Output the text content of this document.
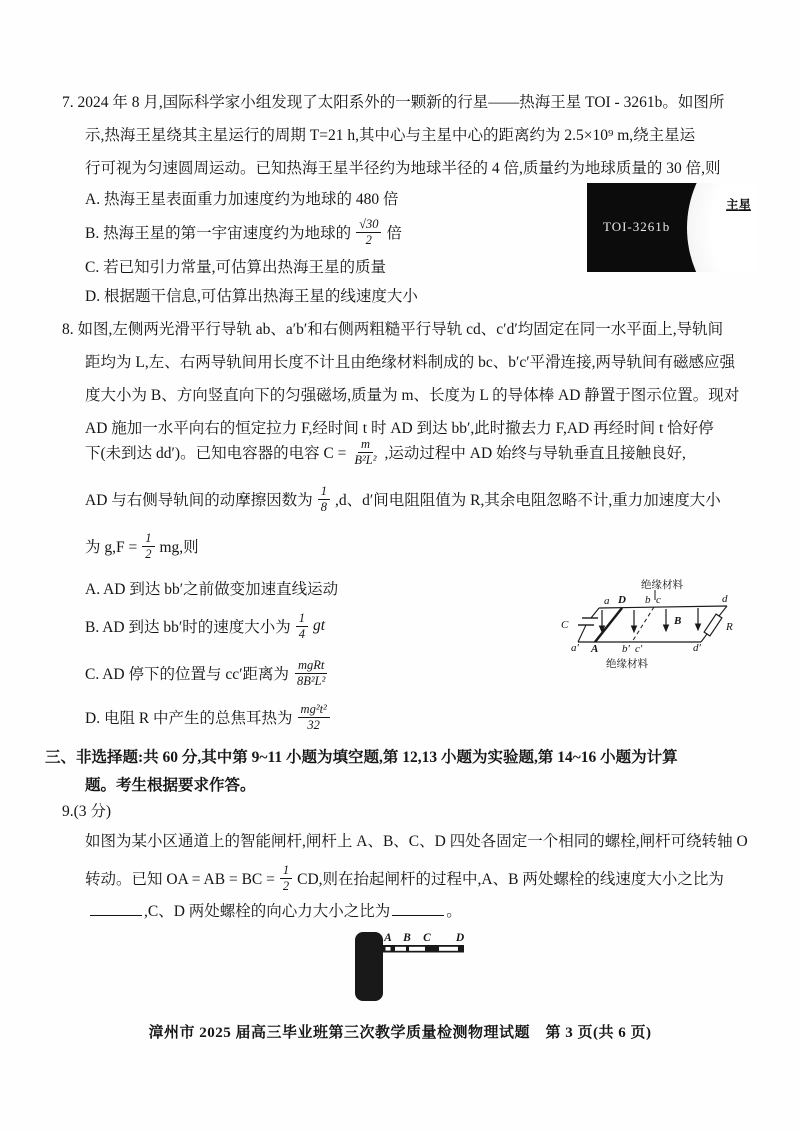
7. 2024 年 8 月,国际科学家小组发现了太阳系外的一颗新的行星——热海王星 TOI - 3261b。如图所
示,热海王星绕其主星运行的周期 T=21 h,其中心与主星中心的距离约为 2.5×10⁹ m,绕主星运
行可视为匀速圆周运动。已知热海王星半径约为地球半径的 4 倍,质量约为地球质量的 30 倍,则
A. 热海王星表面重力加速度约为地球的 480 倍
B. 热海王星的第一宇宙速度约为地球的 $\frac{√30}{2}$ 倍
C. 若已知引力常量,可估算出热海王星的质量
D. 根据题干信息,可估算出热海王星的线速度大小
TOI-3261b
主星
8. 如图,左侧两光滑平行导轨 ab、a′b′和右侧两粗糙平行导轨 cd、c′d′均固定在同一水平面上,导轨间
距均为 L,左、右两导轨间用长度不计且由绝缘材料制成的 bc、b′c′平滑连接,两导轨间有磁感应强
度大小为 B、方向竖直向下的匀强磁场,质量为 m、长度为 L 的导体棒 AD 静置于图示位置。现对
AD 施加一水平向右的恒定拉力 F,经时间 t 时 AD 到达 bb′,此时撤去力 F,AD 再经时间 t 恰好停
下(未到达 dd′)。已知电容器的电容 $C = \frac{m}{\text{B²L²}}$ ,运动过程中 AD 始终与导轨垂直且接触良好,
AD 与右侧导轨间的动摩擦因数为 $\frac{1}{8} ,d$、d′间电阻阻值为 R,其余电阻忽略不计,重力加速度大小
为 $g,F = \frac{1}{2}$ mg,则
A. AD 到达 bb′之前做变加速直线运动
B. AD 到达 bb′时的速度大小为 $\frac{1}{4}$ gt
C. AD 停下的位置与 cc′距离为 $\frac{\text{mgRt}}{\text{8B²L²}}$
D. 电阻 R 中产生的总焦耳热为 $\frac{\text{mg²t²}}{32}$
绝缘材料
C	R
B
a D b c	d
a′ A b′ c′	d′
绝缘材料
三、非选择题:共 60 分,其中第 9~11 小题为填空题,第 12,13 小题为实验题,第 14~16 小题为计算
题。考生根据要求作答。
9.(3 分)
如图为某小区通道上的智能闸杆,闸杆上 A、B、C、D 四处各固定一个相同的螺栓,闸杆可绕转轴 O
转动。已知 OA = AB = BC = $\frac{1}{2}$ CD,则在抬起闸杆的过程中,A、B 两处螺栓的线速度大小之比为
,C、D 两处螺栓的向心力大小之比为	。
A B C D
漳州市 2025 届高三毕业班第三次教学质量检测物理试题　第 3 页(共 6 页)
